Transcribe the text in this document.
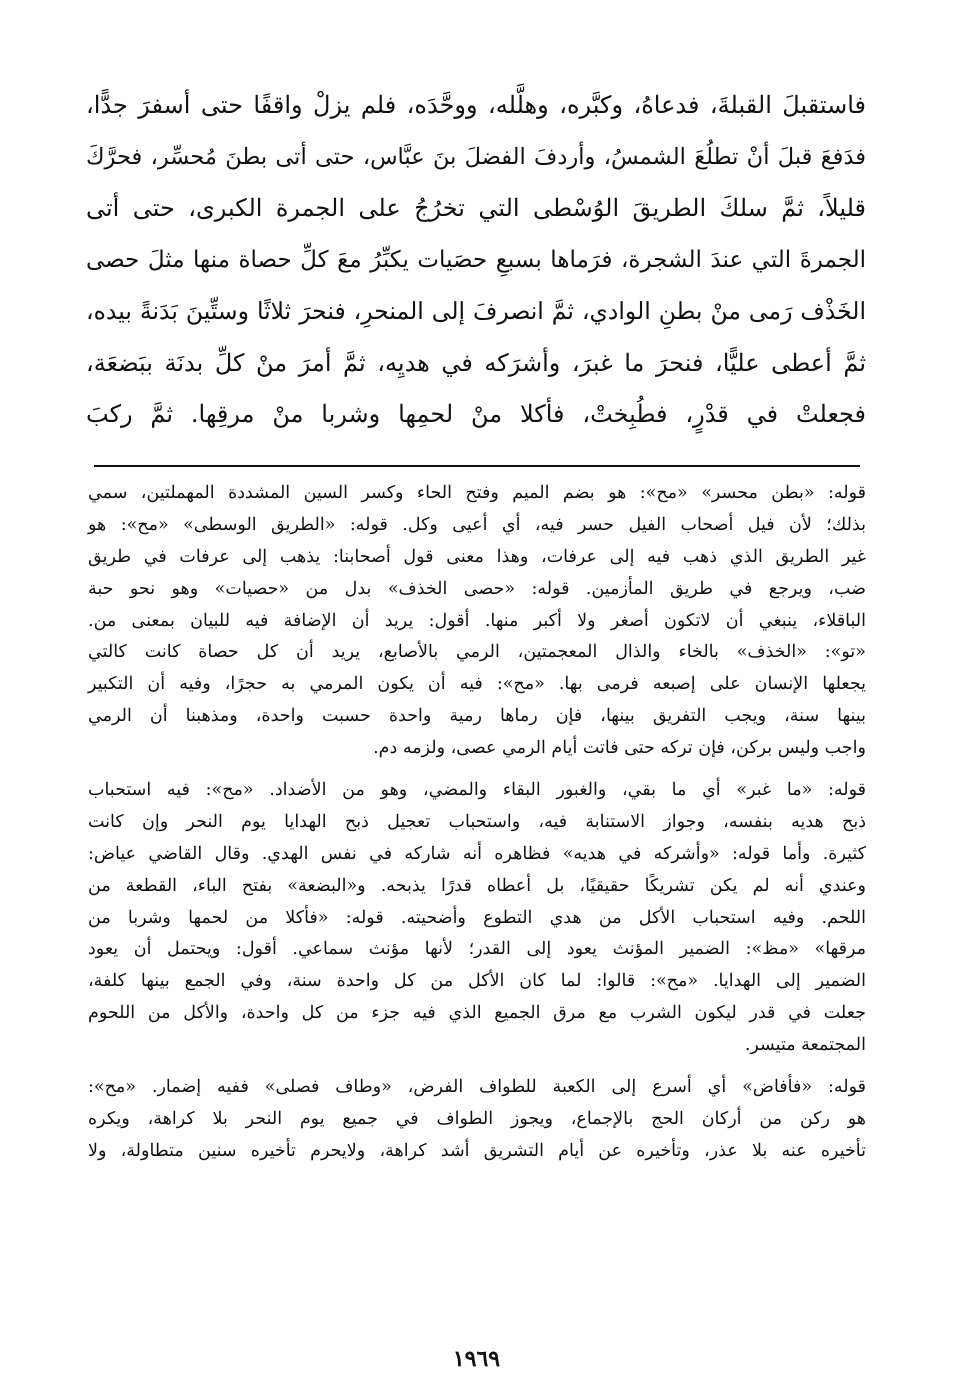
فاستقبلَ القبلةَ، فدعاهُ، وكبَّره، وهلَّله، ووحَّدَه، فلم يزلْ واقفًا حتى أسفرَ جدًّا،
فدَفعَ قبلَ أنْ تطلُعَ الشمسُ، وأردفَ الفضلَ بنَ عبَّاس، حتى أتى بطنَ مُحسِّر، فحرَّكَ
قليلاً، ثمَّ سلكَ الطريقَ الوُسْطى التي تخرُجُ على الجمرة الكبرى، حتى أتى
الجمرةَ التي عندَ الشجرة، فرَماها بسبعِ حصَيات يكبِّرُ معَ كلِّ حصاة منها مثلَ حصى
الخَذْف رَمى منْ بطنِ الوادي، ثمَّ انصرفَ إلى المنحرِ، فنحرَ ثلاثًا وستِّينَ بَدَنةً بيده،
ثمَّ أعطى عليًّا، فنحرَ ما غبرَ، وأشرَكه في هديِه، ثمَّ أمرَ منْ كلِّ بدنَة ببَضعَة،
فجعلتْ في قدْرٍ، فطُبِختْ، فأكلا منْ لحمِها وشربا منْ مرقِها. ثمَّ ركبَ
قوله: «بطن محسر» «مح»: هو بضم الميم وفتح الحاء وكسر السين المشددة المهملتين، سمي
بذلك؛ لأن فيل أصحاب الفيل حسر فيه، أي أعيى وكل. قوله: «الطريق الوسطى» «مح»: هو
غير الطريق الذي ذهب فيه إلى عرفات، وهذا معنى قول أصحابنا: يذهب إلى عرفات في طريق
ضب، ويرجع في طريق المأزمين. قوله: «حصى الخذف» بدل من «حصيات» وهو نحو حبة
الباقلاء، ينبغي أن لاتكون أصغر ولا أكبر منها. أقول: يريد أن الإضافة فيه للبيان بمعنى من.
«تو»: «الخذف» بالخاء والذال المعجمتين، الرمي بالأصابع، يريد أن كل حصاة كانت كالتي
يجعلها الإنسان على إصبعه فرمى بها. «مح»: فيه أن يكون المرمي به حجرًا، وفيه أن التكبير
بينها سنة، ويجب التفريق بينها، فإن رماها رمية واحدة حسبت واحدة، ومذهبنا أن الرمي
واجب وليس بركن، فإن تركه حتى فاتت أيام الرمي عصى، ولزمه دم.
قوله: «ما غبر» أي ما بقي، والغبور البقاء والمضي، وهو من الأضداد. «مح»: فيه استحباب
ذبح هديه بنفسه، وجواز الاستنابة فيه، واستحباب تعجيل ذبح الهدايا يوم النحر وإن كانت
كثيرة. وأما قوله: «وأشركه في هديه» فظاهره أنه شاركه في نفس الهدي. وقال القاضي عياض:
وعندي أنه لم يكن تشريكًا حقيقيًا، بل أعطاه قدرًا يذبحه. و«البضعة» بفتح الباء، القطعة من
اللحم. وفيه استحباب الأكل من هدي التطوع وأضحيته. قوله: «فأكلا من لحمها وشربا من
مرقها» «مظ»: الضمير المؤنث يعود إلى القدر؛ لأنها مؤنث سماعي. أقول: ويحتمل أن يعود
الضمير إلى الهدايا. «مح»: قالوا: لما كان الأكل من كل واحدة سنة، وفي الجمع بينها كلفة،
جعلت في قدر ليكون الشرب مع مرق الجميع الذي فيه جزء من كل واحدة، والأكل من اللحوم
المجتمعة متيسر.
قوله: «فأفاض» أي أسرع إلى الكعبة للطواف الفرض، «وطاف فصلى» ففيه إضمار. «مح»:
هو ركن من أركان الحج بالإجماع، ويجوز الطواف في جميع يوم النحر بلا كراهة، ويكره
تأخيره عنه بلا عذر، وتأخيره عن أيام التشريق أشد كراهة، ولايحرم تأخيره سنين متطاولة، ولا
١٩٦٩
